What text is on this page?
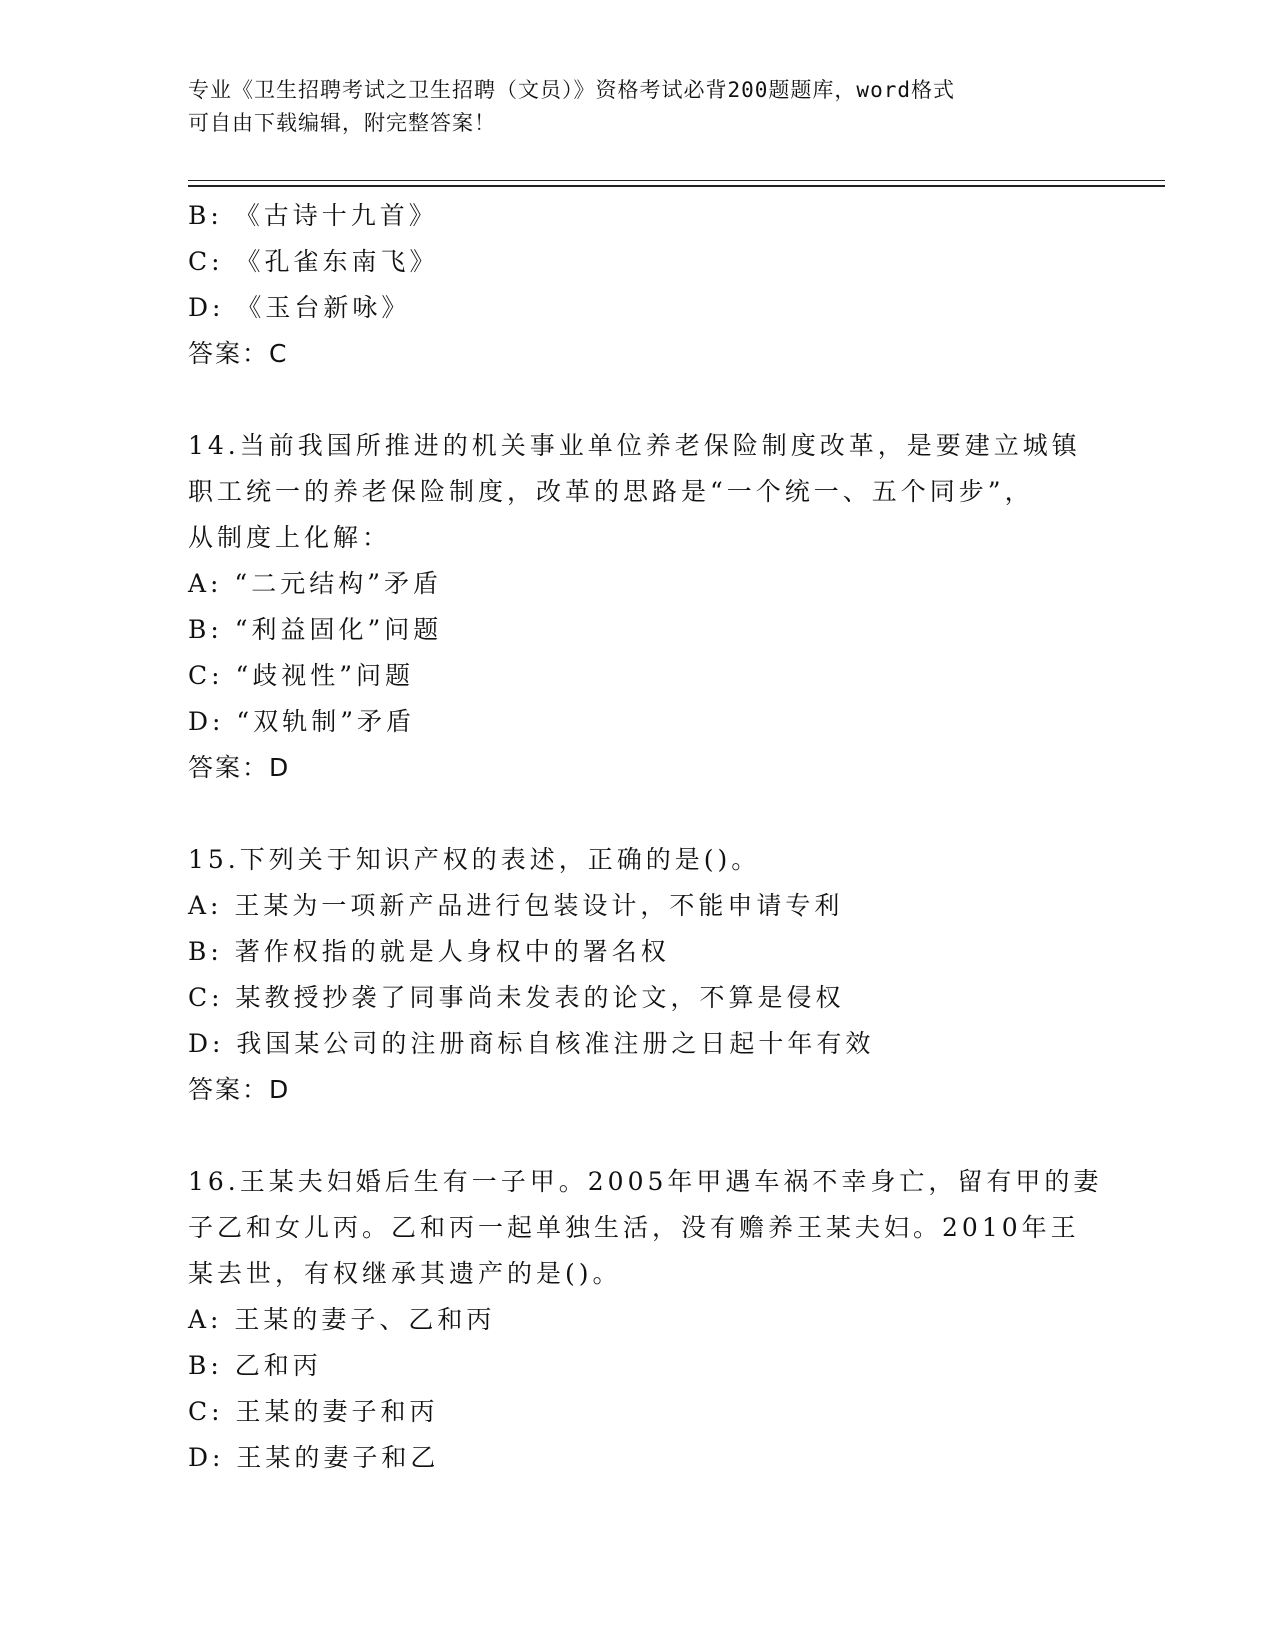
专业《卫生招聘考试之卫生招聘（文员）》资格考试必背200题题库，word格式
可自由下载编辑，附完整答案！
B: 《古诗十九首》
C: 《孔雀东南飞》
D: 《玉台新咏》
答案：C
14.当前我国所推进的机关事业单位养老保险制度改革，是要建立城镇
职工统一的养老保险制度，改革的思路是“一个统一、五个同步”，
从制度上化解：
A: “二元结构”矛盾
B: “利益固化”问题
C: “歧视性”问题
D: “双轨制”矛盾
答案：D
15.下列关于知识产权的表述，正确的是()。
A: 王某为一项新产品进行包装设计，不能申请专利
B: 著作权指的就是人身权中的署名权
C: 某教授抄袭了同事尚未发表的论文，不算是侵权
D: 我国某公司的注册商标自核准注册之日起十年有效
答案：D
16.王某夫妇婚后生有一子甲。2005年甲遇车祸不幸身亡，留有甲的妻
子乙和女儿丙。乙和丙一起单独生活，没有赡养王某夫妇。2010年王
某去世，有权继承其遗产的是()。
A: 王某的妻子、乙和丙
B: 乙和丙
C: 王某的妻子和丙
D: 王某的妻子和乙
